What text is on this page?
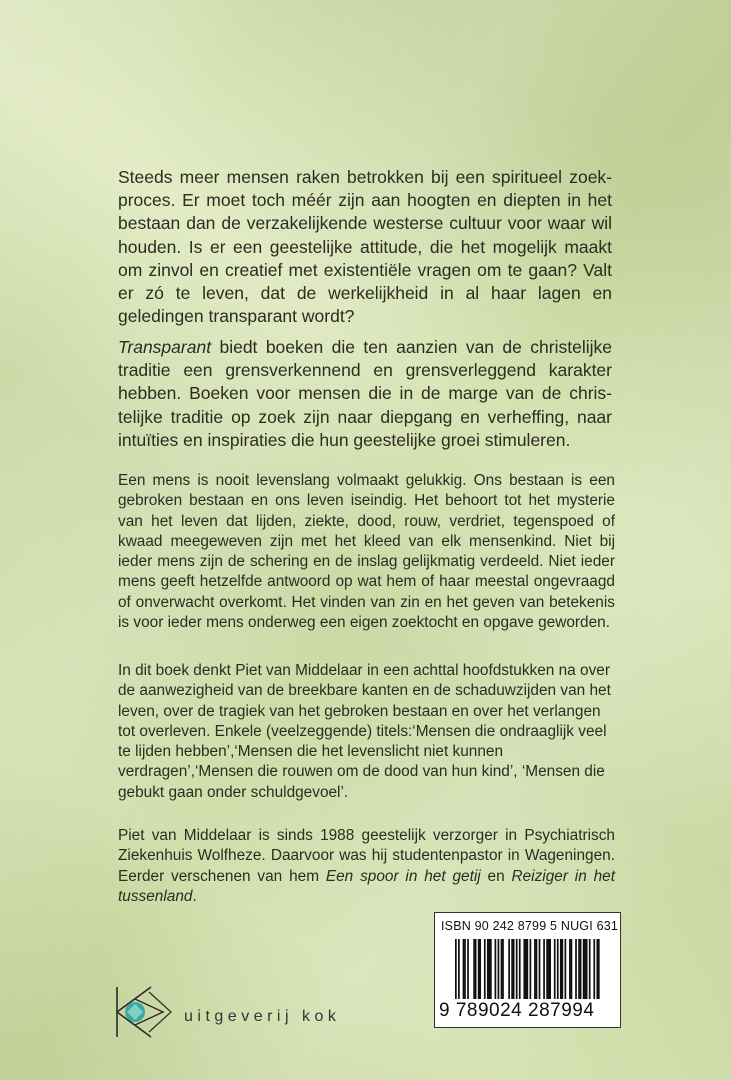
Steeds meer mensen raken betrokken bij een spiritueel zoekproces. Er moet toch méér zijn aan hoogten en diepten in het bestaan dan de verzakelijkende westerse cultuur voor waar wil houden. Is er een geestelijke attitude, die het mogelijk maakt om zinvol en creatief met existentiële vragen om te gaan? Valt er zó te leven, dat de werkelijkheid in al haar lagen en geledingen transparant wordt?

Transparant biedt boeken die ten aanzien van de christelijke traditie een grensverkennend en grensverleggend karakter hebben. Boeken voor mensen die in de marge van de christelijke traditie op zoek zijn naar diepgang en verheffing, naar intuïties en inspiraties die hun geestelijke groei stimuleren.

Een mens is nooit levenslang volmaakt gelukkig. Ons bestaan is een gebroken bestaan en ons leven iseindig. Het behoort tot het mysterie van het leven dat lijden, ziekte, dood, rouw, verdriet, tegenspoed of kwaad meegeweven zijn met het kleed van elk mensenkind. Niet bij ieder mens zijn de schering en de inslag gelijkmatig verdeeld. Niet ieder mens geeft hetzelfde antwoord op wat hem of haar meestal ongevraagd of onverwacht overkomt. Het vinden van zin en het geven van betekenis is voor ieder mens onderweg een eigen zoektocht en opgave geworden.

In dit boek denkt Piet van Middelaar in een achttal hoofdstukken na over de aanwezigheid van de breekbare kanten en de schaduwzijden van het leven, over de tragiek van het gebroken bestaan en over het verlangen tot overleven. Enkele (veelzeggende) titels:‘Mensen die ondraaglijk veel te lijden hebben’,‘Mensen die het levenslicht niet kunnen verdragen’,‘Mensen die rouwen om de dood van hun kind’, ‘Mensen die gebukt gaan onder schuldgevoel’.

Piet van Middelaar is sinds 1988 geestelijk verzorger in Psychiatrisch Ziekenhuis Wolfheze. Daarvoor was hij studentenpastor in Wageningen. Eerder verschenen van hem Een spoor in het getij en Reiziger in het tussenland.

ISBN 90 242 8799 5 NUGI 631
9 789024 287994
uitgeverij kok
